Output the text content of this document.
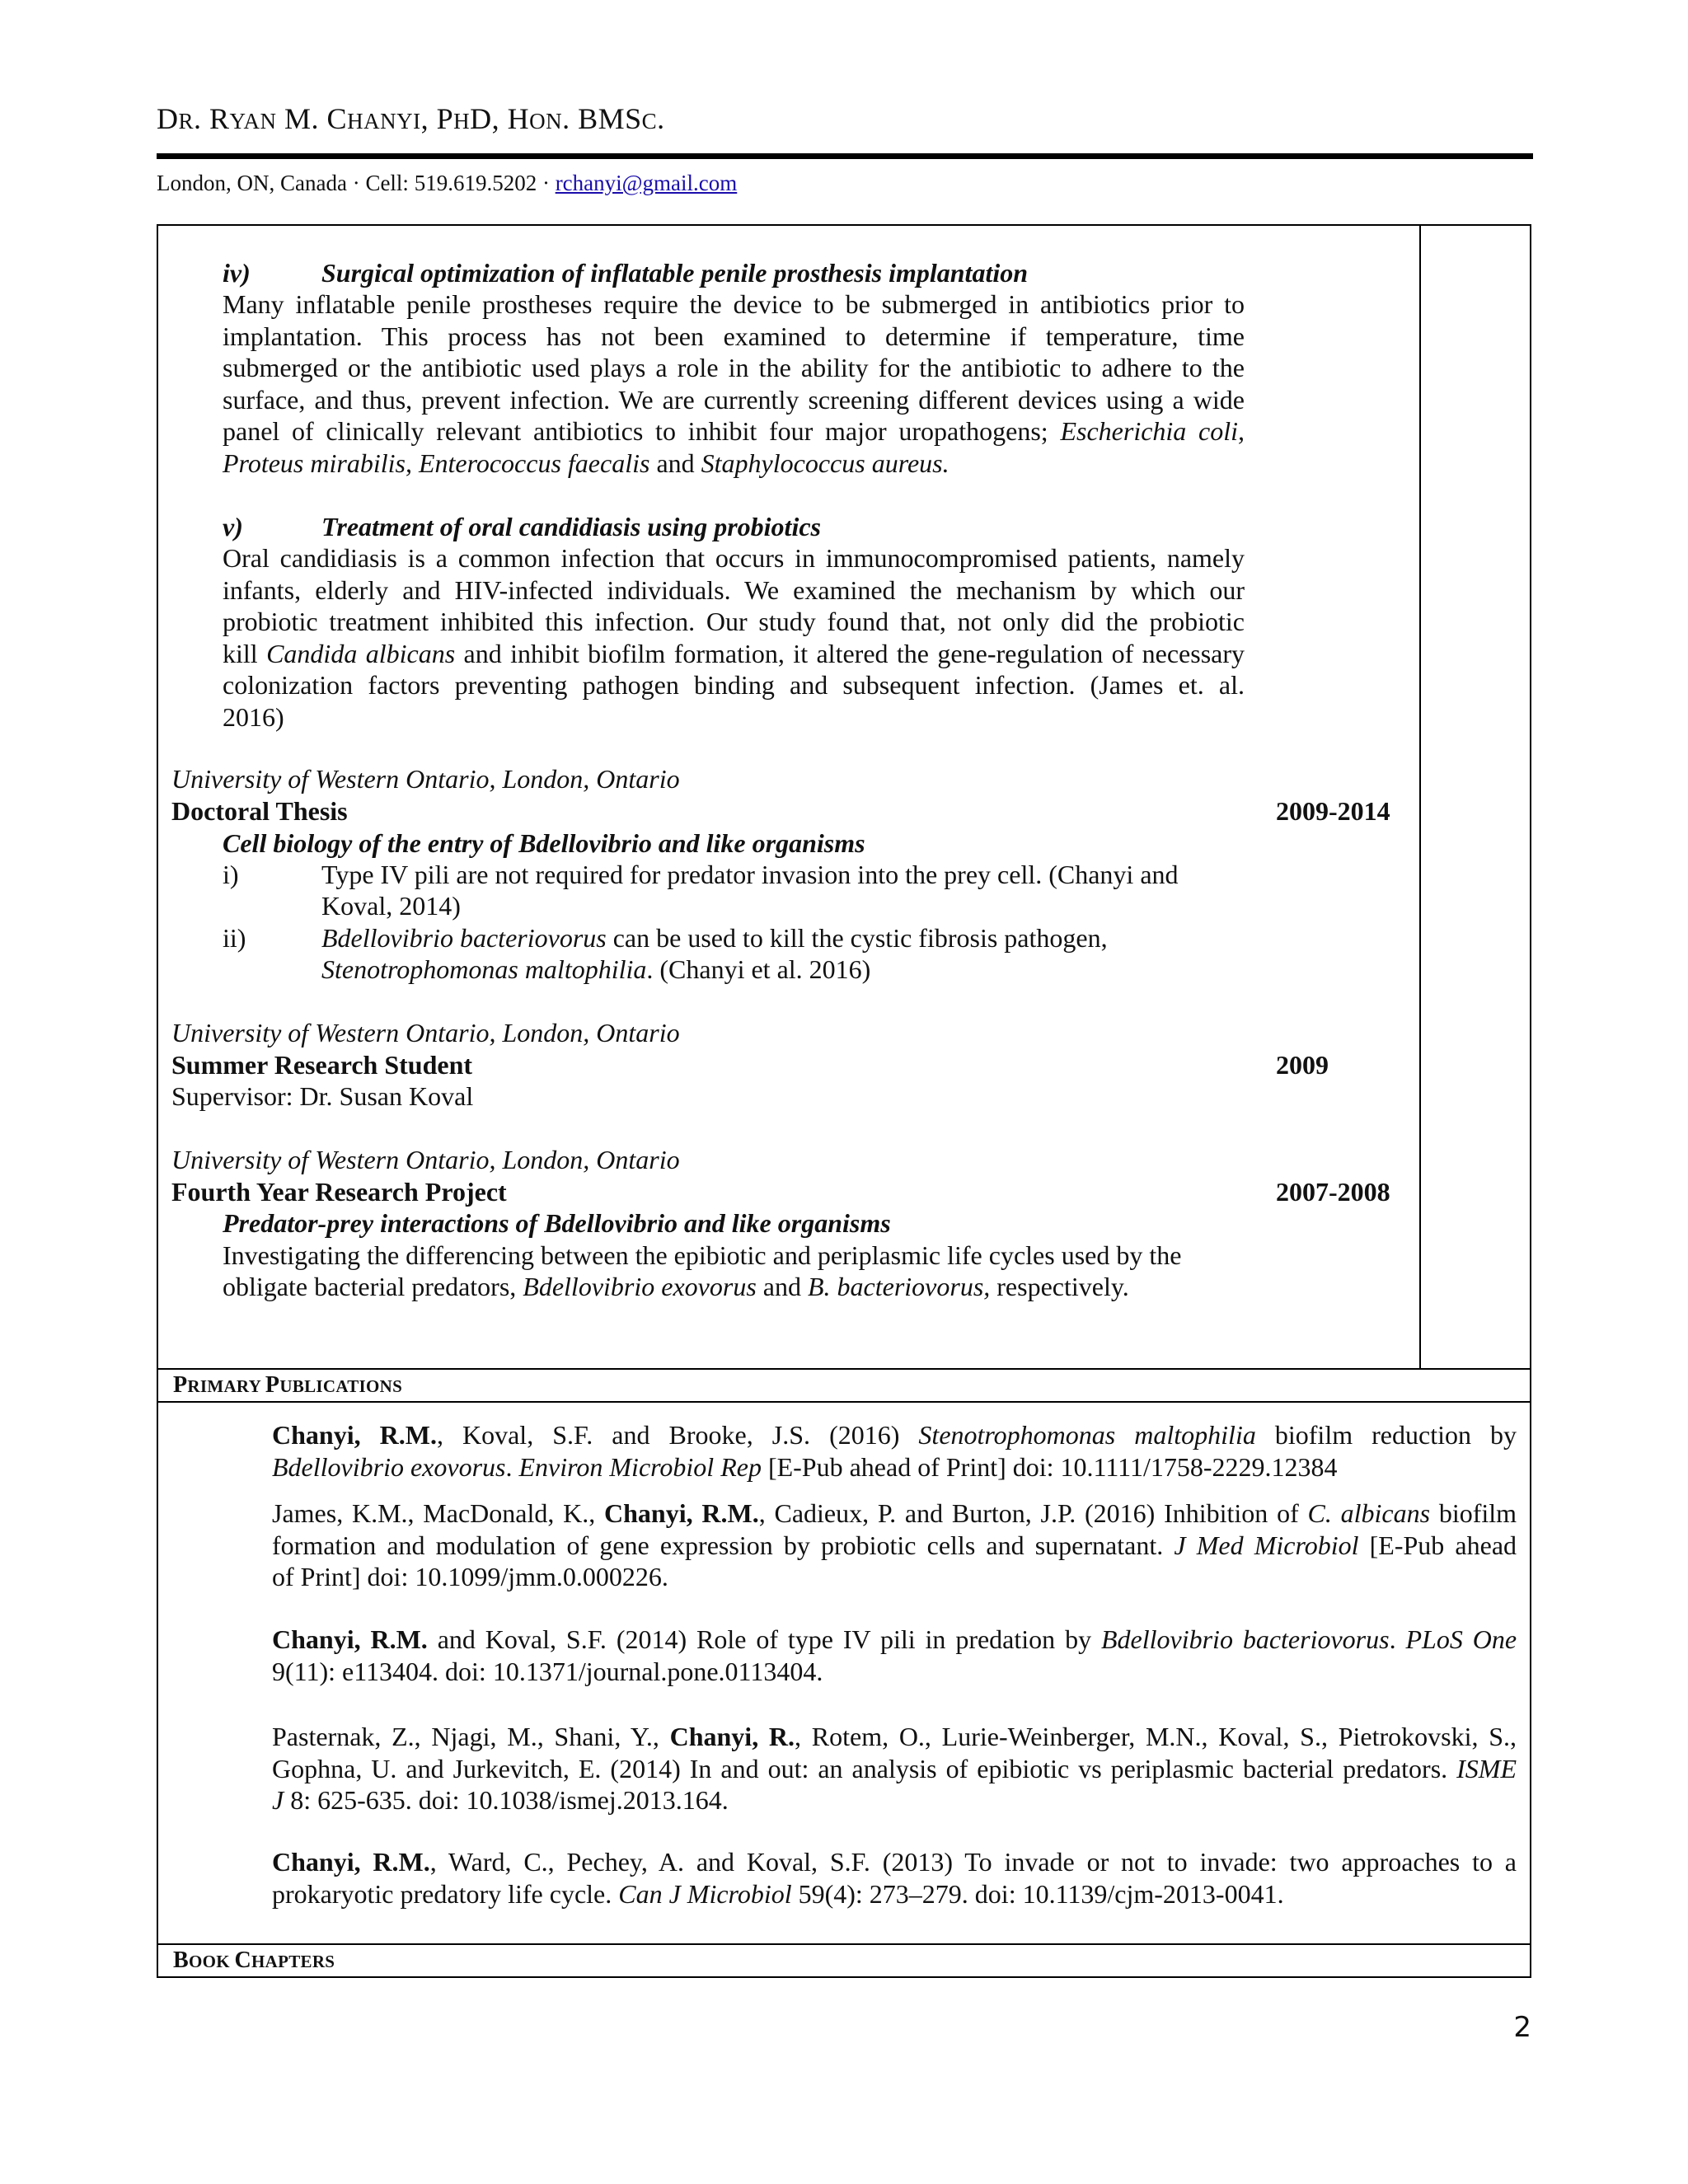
DR. RYAN M. CHANYI, PHD, HON. BMSC.
London, ON, Canada · Cell: 519.619.5202 · rchanyi@gmail.com
iv)	Surgical optimization of inflatable penile prosthesis implantation
Many inflatable penile prostheses require the device to be submerged in antibiotics prior to
implantation. This process has not been examined to determine if temperature, time
submerged or the antibiotic used plays a role in the ability for the antibiotic to adhere to the
surface, and thus, prevent infection. We are currently screening different devices using a wide
panel of clinically relevant antibiotics to inhibit four major uropathogens; Escherichia coli,
Proteus mirabilis, Enterococcus faecalis and Staphylococcus aureus.
v)	Treatment of oral candidiasis using probiotics
Oral candidiasis is a common infection that occurs in immunocompromised patients, namely
infants, elderly and HIV-infected individuals. We examined the mechanism by which our
probiotic treatment inhibited this infection. Our study found that, not only did the probiotic
kill Candida albicans and inhibit biofilm formation, it altered the gene-regulation of necessary
colonization factors preventing pathogen binding and subsequent infection. (James et. al.
2016)
University of Western Ontario, London, Ontario
Doctoral Thesis	2009-2014
Cell biology of the entry of Bdellovibrio and like organisms
i)	Type IV pili are not required for predator invasion into the prey cell. (Chanyi and
Koval, 2014)
ii)	Bdellovibrio bacteriovorus can be used to kill the cystic fibrosis pathogen,
Stenotrophomonas maltophilia. (Chanyi et al. 2016)
University of Western Ontario, London, Ontario
Summer Research Student	2009
Supervisor: Dr. Susan Koval
University of Western Ontario, London, Ontario
Fourth Year Research Project	2007-2008
Predator-prey interactions of Bdellovibrio and like organisms
Investigating the differencing between the epibiotic and periplasmic life cycles used by the
obligate bacterial predators, Bdellovibrio exovorus and B. bacteriovorus, respectively.
PRIMARY PUBLICATIONS
Chanyi, R.M., Koval, S.F. and Brooke, J.S. (2016) Stenotrophomonas maltophilia biofilm reduction by
Bdellovibrio exovorus. Environ Microbiol Rep [E-Pub ahead of Print] doi: 10.1111/1758-2229.12384
James, K.M., MacDonald, K., Chanyi, R.M., Cadieux, P. and Burton, J.P. (2016) Inhibition of C. albicans biofilm
formation and modulation of gene expression by probiotic cells and supernatant. J Med Microbiol [E-Pub ahead
of Print] doi: 10.1099/jmm.0.000226.
Chanyi, R.M. and Koval, S.F. (2014) Role of type IV pili in predation by Bdellovibrio bacteriovorus. PLoS One
9(11): e113404. doi: 10.1371/journal.pone.0113404.
Pasternak, Z., Njagi, M., Shani, Y., Chanyi, R., Rotem, O., Lurie-Weinberger, M.N., Koval, S., Pietrokovski, S.,
Gophna, U. and Jurkevitch, E. (2014) In and out: an analysis of epibiotic vs periplasmic bacterial predators. ISME
J 8: 625-635. doi: 10.1038/ismej.2013.164.
Chanyi, R.M., Ward, C., Pechey, A. and Koval, S.F. (2013) To invade or not to invade: two approaches to a
prokaryotic predatory life cycle. Can J Microbiol 59(4): 273–279. doi: 10.1139/cjm-2013-0041.
BOOK CHAPTERS
2
